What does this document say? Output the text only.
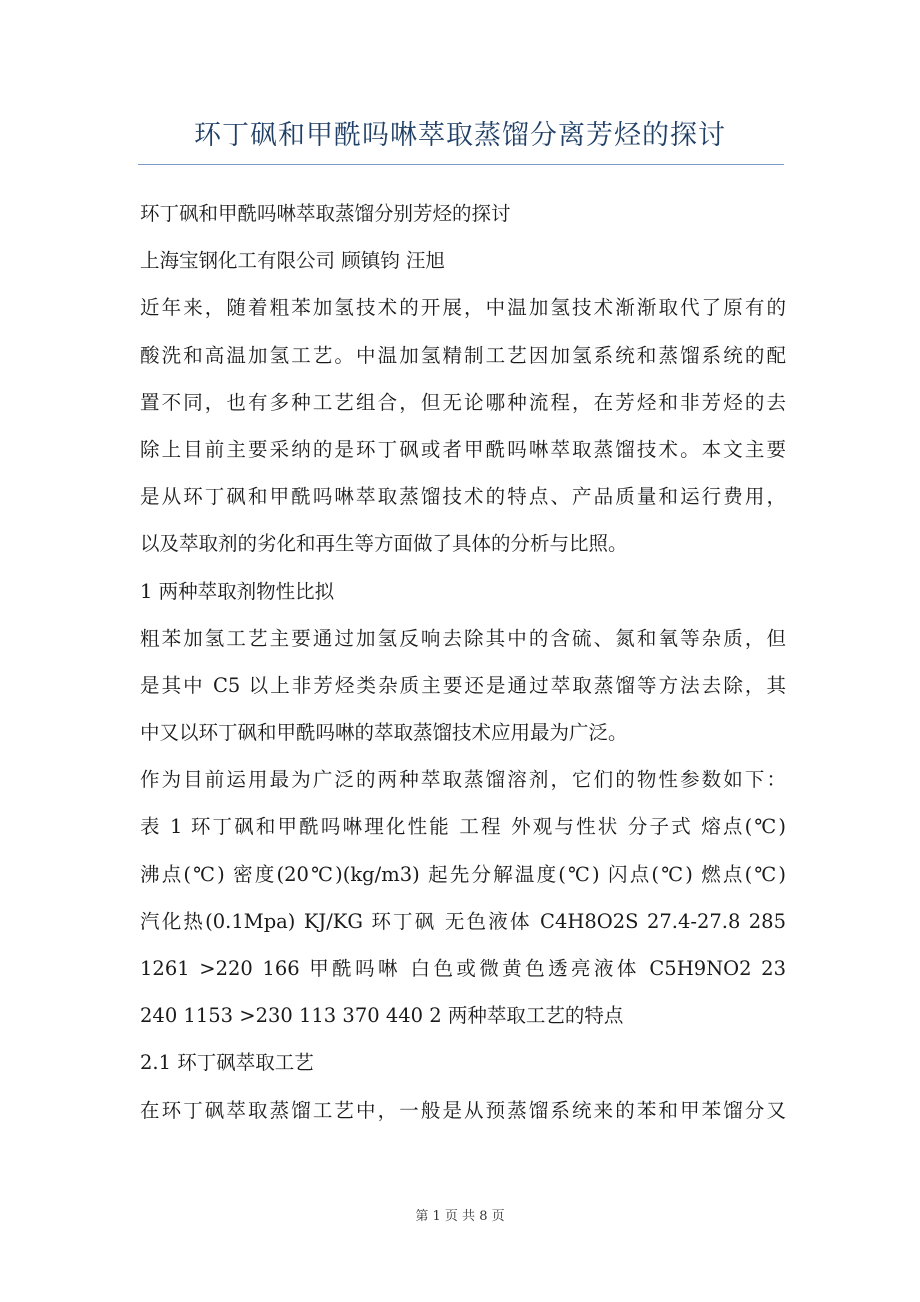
环丁砜和甲酰吗啉萃取蒸馏分离芳烃的探讨
环丁砜和甲酰吗啉萃取蒸馏分别芳烃的探讨
上海宝钢化工有限公司 顾镇钧 汪旭
近年来，随着粗苯加氢技术的开展，中温加氢技术渐渐取代了原有的
酸洗和高温加氢工艺。中温加氢精制工艺因加氢系统和蒸馏系统的配
置不同，也有多种工艺组合，但无论哪种流程，在芳烃和非芳烃的去
除上目前主要采纳的是环丁砜或者甲酰吗啉萃取蒸馏技术。本文主要
是从环丁砜和甲酰吗啉萃取蒸馏技术的特点、产品质量和运行费用，
以及萃取剂的劣化和再生等方面做了具体的分析与比照。
1 两种萃取剂物性比拟
粗苯加氢工艺主要通过加氢反响去除其中的含硫、氮和氧等杂质，但
是其中 C5 以上非芳烃类杂质主要还是通过萃取蒸馏等方法去除，其
中又以环丁砜和甲酰吗啉的萃取蒸馏技术应用最为广泛。
作为目前运用最为广泛的两种萃取蒸馏溶剂，它们的物性参数如下：
表 1 环丁砜和甲酰吗啉理化性能 工程 外观与性状 分子式 熔点(℃)
沸点(℃) 密度(20℃)(kg/m3) 起先分解温度(℃) 闪点(℃) 燃点(℃)
汽化热(0.1Mpa) KJ/KG 环丁砜 无色液体 C4H8O2S 27.4-27.8 285
1261 >220 166 甲酰吗啉 白色或微黄色透亮液体 C5H9NO2 23
240 1153 >230 113 370 440 2 两种萃取工艺的特点
2.1 环丁砜萃取工艺
在环丁砜萃取蒸馏工艺中，一般是从预蒸馏系统来的苯和甲苯馏分又
第 1 页 共 8 页
